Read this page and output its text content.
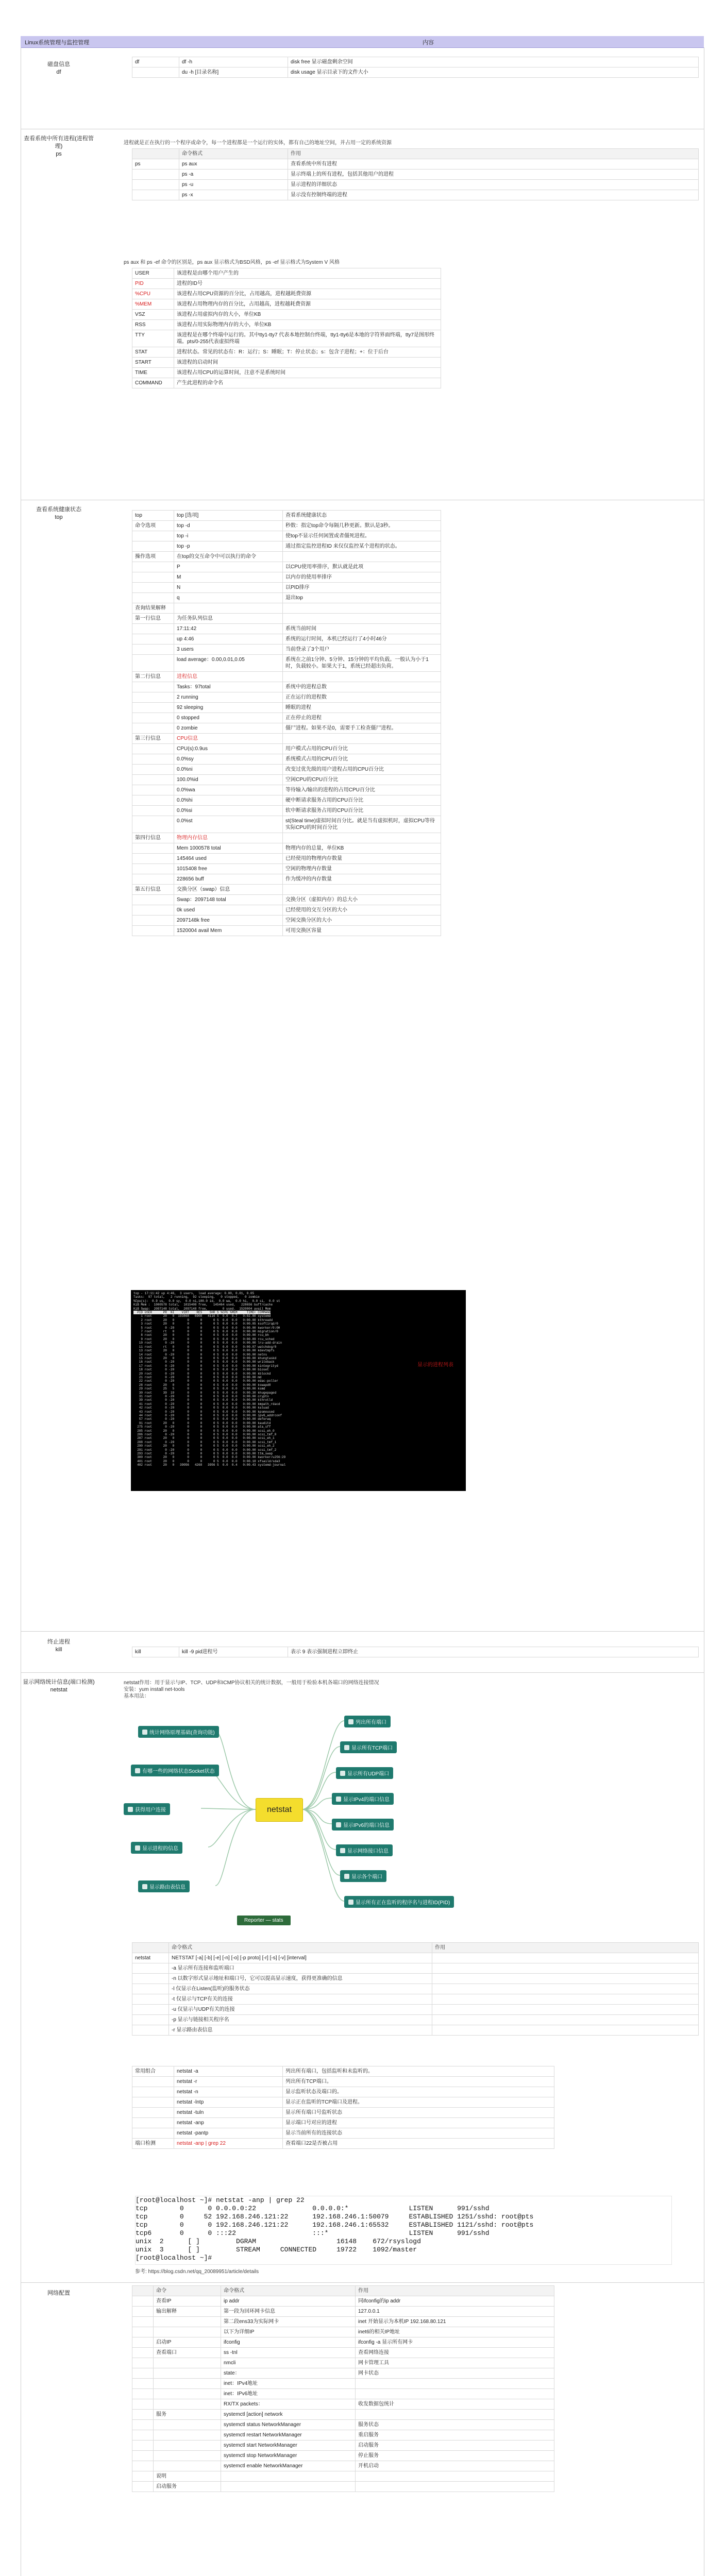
Linux系统管理与监控管理	内容
磁盘信息
df
df	df -h	disk free 显示磁盘剩余空间
	du -h [目录名称]	disk usage 显示目录下的文件大小
查看系统中所有进程(进程管理)
ps
进程就是正在执行的一个程序或命令，每一个进程都是一个运行的实体，都有自己的地址空间，并占用一定的系统资源
	命令格式	作用
ps	ps aux	查看系统中所有进程
	ps -a	显示终端上的所有进程，包括其他用户的进程
	ps -u	显示进程的详细状态
	ps -x	显示没有控制终端的进程
ps aux 和 ps -ef 命令的区别是，ps aux 显示格式为BSD风格，ps -ef 显示格式为System V 风格
USER	该进程是由哪个用户产生的
PID	进程的ID号
%CPU	该进程占用CPU资源的百分比，占用越高，进程越耗费资源
%MEM	该进程占用物理内存的百分比，占用越高，进程越耗费资源
VSZ	该进程占用虚拟内存的大小，单位KB
RSS	该进程占用实际物理内存的大小，单位KB
TTY	该进程是在哪个终端中运行的。其中tty1-tty7 代表本地控制台终端，tty1-tty6是本地的字符界面终端，tty7是图形终端。pts/0-255代表虚拟终端
STAT	进程状态。常见的状态有：R：运行；S：睡眠；T：停止状态；s：包含子进程；+：位于后台
START	该进程的启动时间
TIME	该进程占用CPU的运算时间，注意不是系统时间
COMMAND	产生此进程的命令名
查看系统健康状态
top	top	top [选项]	查看系统健康状态
命令选项	top -d	秒数：指定top命令每隔几秒更新。默认是3秒。
	top -i	使top不显示任何闲置或者僵死进程。
	top -p	通过指定监控进程ID 来仅仅监控某个进程的状态。
操作选项	在top的交互命令中可以执行的命令	
	P	以CPU使用率排序，默认就是此项
	M	以内存的使用率排序
	N	以PID排序
	q	退出top
查询结果解释		
第一行信息	为任务队列信息	
	17:11:42	系统当前时间
	up 4:46	系统的运行时间，本机已经运行了4小时46分
	3 users	当前登录了3个用户
	load average：0.00,0.01,0.05	系统在之前1分钟、5分钟、15分钟的平均负载。一般认为小于1时，负载较小。如果大于1，系统已经超出负荷。
第二行信息	进程信息	
	Tasks：97total	系统中的进程总数
	2 running	正在运行的进程数
	92 sleeping	睡眠的进程
	0 stopped	正在停止的进程
	0 zombie	僵尸进程。如果不是0，需要手工检查僵尸进程。
第三行信息	CPU信息	
	CPU(s):0.9us	用户模式占用的CPU百分比
	0.0%sy	系统模式占用的CPU百分比
	0.0%ni	改变过优先级的用户进程占用的CPU百分比
	100.0%id	空闲CPU的CPU百分比
	0.0%wa	等待输入/输出的进程的占用CPU百分比
	0.0%hi	硬中断请求服务占用的CPU百分比
	0.0%si	软中断请求服务占用的CPU百分比
	0.0%st	st(Steal time)虚拟时间百分比。就是当有虚拟机时，虚拟CPU等待实际CPU的时间百分比
第四行信息	物理内存信息	
	Mem 1000578 total	物理内存的总量，单位KB
	145464 used	已经使用的物理内存数量
	1015408 free	空闲的物理内存数量
	228656 buff	作为缓冲的内存数量
第五行信息	交换分区（swap）信息	
	Swap：2097148 total	交换分区（虚拟内存）的总大小
	0k used	已经使用的交互分区的大小
	2097148k free	空闲交换分区的大小
	1520004 avail Mem	可用交换区容量
top - 17:11:42 up 4:46,  3 users,  load average: 0.00, 0.01, 0.05
Tasks:  97 total,   2 running,  92 sleeping,   0 stopped,   0 zombie
%Cpu(s):  0.9 us,  0.0 sy,  0.0 ni,100.0 id,  0.0 wa,  0.0 hi,  0.0 si,  0.0 st
KiB Mem :  1000578 total,  1015408 free,   145464 used,   228656 buff/cache
KiB Swap:  2097148 total,  2097148 free,        0 used.  1520004 avail Mem
PID USER      PR  NI    VIRT    RES    SHR S %CPU %MEM     TIME+ COMMAND
1 root      20   0  193868   6908   4116 S  0.0  0.7   0:02.80 systemd
2 root      20   0       0      0      0 S  0.0  0.0   0:00.00 kthreadd
3 root      20   0       0      0      0 S  0.0  0.0   0:00.05 ksoftirqd/0
5 root       0 -20       0      0      0 S  0.0  0.0   0:00.00 kworker/0:0H
7 root      rt   0       0      0      0 S  0.0  0.0   0:00.00 migration/0
8 root      20   0       0      0      0 S  0.0  0.0   0:00.00 rcu_bh
9 root      20   0       0      0      0 S  0.0  0.0   0:00.89 rcu_sched
10 root       0 -20       0      0      0 S  0.0  0.0   0:00.00 lru-add-drain
11 root      rt   0       0      0      0 S  0.0  0.0   0:00.07 watchdog/0
13 root      20   0       0      0      0 S  0.0  0.0   0:00.00 kdevtmpfs
14 root       0 -20       0      0      0 S  0.0  0.0   0:00.00 netns
15 root      20   0       0      0      0 S  0.0  0.0   0:00.00 khungtaskd
16 root       0 -20       0      0      0 S  0.0  0.0   0:00.00 writeback
17 root       0 -20       0      0      0 S  0.0  0.0   0:00.00 kintegrityd
18 root       0 -20       0      0      0 S  0.0  0.0   0:00.00 bioset
20 root       0 -20       0      0      0 S  0.0  0.0   0:00.00 kblockd
21 root       0 -20       0      0      0 S  0.0  0.0   0:00.00 md
22 root       0 -20       0      0      0 S  0.0  0.0   0:00.00 edac-poller
28 root      20   0       0      0      0 S  0.0  0.0   0:00.00 kswapd0
29 root      25   5       0      0      0 S  0.0  0.0   0:00.00 ksmd
30 root      39  19       0      0      0 S  0.0  0.0   0:00.30 khugepaged
31 root       0 -20       0      0      0 S  0.0  0.0   0:00.00 crypto
39 root       0 -20       0      0      0 S  0.0  0.0   0:00.00 kthrotld
41 root       0 -20       0      0      0 S  0.0  0.0   0:00.00 kmpath_rdacd
42 root       0 -20       0      0      0 S  0.0  0.0   0:00.00 kaluad
43 root       0 -20       0      0      0 S  0.0  0.0   0:00.00 kpsmoused
44 root       0 -20       0      0      0 S  0.0  0.0   0:00.00 ipv6_addrconf
57 root       0 -20       0      0      0 S  0.0  0.0   0:00.00 deferwq
91 root      20   0       0      0      0 S  0.0  0.0   0:00.00 kauditd
275 root       0 -20       0      0      0 S  0.0  0.0   0:00.00 ata_sff
285 root      20   0       0      0      0 S  0.0  0.0   0:00.00 scsi_eh_0
286 root       0 -20       0      0      0 S  0.0  0.0   0:00.00 scsi_tmf_0
287 root      20   0       0      0      0 S  0.0  0.0   0:00.00 scsi_eh_1
288 root       0 -20       0      0      0 S  0.0  0.0   0:00.00 scsi_tmf_1
290 root      20   0       0      0      0 S  0.0  0.0   0:00.00 scsi_eh_2
291 root       0 -20       0      0      0 S  0.0  0.0   0:00.00 scsi_tmf_2
293 root       0 -20       0      0      0 S  0.0  0.0   0:00.00 ttm_swap
300 root      20   0       0      0      0 S  0.0  0.0   0:00.00 kworker/u256:29
401 root      20   0       0      0      0 S  0.0  0.0   0:00.18 xfsaild/sda3
482 root      20   0   39056   4268   3956 S  0.0  0.4   0:00.43 systemd-journal
显示的进程列表
终止进程
kill	kill	kill -9 pid进程号	表示 9 表示强制进程立即终止
显示网络统计信息(端口检测)
netstat
netstat作用：用于显示与IP、TCP、UDP和ICMP协议相关的统计数据，一般用于检验本机各端口的网络连接情况
安装：yum install net-tools
基本用法：
netstat
统计网络原理基础(查询功能)
有哪一些的网络状态Socket状态
获得用户连接
显示进程的信息
显示路由表信息
列出所有端口
显示所有TCP端口
显示所有UDP端口
显示IPv4的端口信息
显示IPv6的端口信息
显示网络接口信息
显示各个端口
显示所有正在监听的程序名与进程ID(PID)
Reporter — stats
	命令格式	作用
netstat	NETSTAT [-a] [-b] [-e] [-n] [-o] [-p proto] [-r] [-s] [-v] [interval]	
	-a 显示所有连接和监听端口	
	-n 以数字形式显示地址和端口号，它可以提高显示速度，获得更准确的信息	
	-l 仅显示在Listen(监听)的服务状态	
	-t 仅显示与TCP有关的连接	
	-u 仅显示与UDP有关的连接	
	-p 显示与链接相关程序名	
	-r 显示路由表信息	
常用组合	netstat -a	列出所有端口，包括监听和未监听的。
	netstat -r	列出所有TCP端口。
	netstat -n	显示监听状态及端口的。
	netstat -lntp	显示正在监听的TCP端口及进程。
	netstat -tuln	显示所有端口号监听状态
	netstat -anp	显示端口号对应的进程
	netstat -pantp	显示当前所有的连接状态
端口检测	netstat -anp | grep 22	查看端口22是否被占用
[root@localhost ~]# netstat -anp | grep 22
tcp        0      0 0.0.0.0:22              0.0.0.0:*               LISTEN      991/sshd
tcp        0     52 192.168.246.121:22      192.168.246.1:50079     ESTABLISHED 1251/sshd: root@pts
tcp        0      0 192.168.246.121:22      192.168.246.1:65532     ESTABLISHED 1121/sshd: root@pts
tcp6       0      0 :::22                   :::*                    LISTEN      991/sshd
unix  2      [ ]         DGRAM                    16148    672/rsyslogd
unix  3      [ ]         STREAM     CONNECTED     19722    1092/master
[root@localhost ~]#
参考: https://blog.csdn.net/qq_20089951/article/details
网络配置
		命令	命令格式	作用
	查看IP	ip addr	同ifconfig的ip addr
	输出解释	第一段为回环网卡信息	127.0.0.1
		第二段ens33为实际网卡	inet 开始显示为本机IP 192.168.80.121
		以下为详细IP	inet6的相关IP地址
	启动IP	ifconfig	ifconfig -a 显示所有网卡
	查看端口	ss -tnl	查看网络连接
		nmcli	网卡管理工具
		state：	网卡状态
		inet：IPv4地址	
		inet：IPv6地址	
		RX/TX packets：	收发数据包统计
	服务	systemctl [action] network	
		systemctl status NetworkManager	服务状态
		systemctl restart NetworkManager	重启服务
		systemctl start NetworkManager	启动服务
		systemctl stop NetworkManager	停止服务
		systemctl enable NetworkManager	开机启动
	说明		
	启动服务		
